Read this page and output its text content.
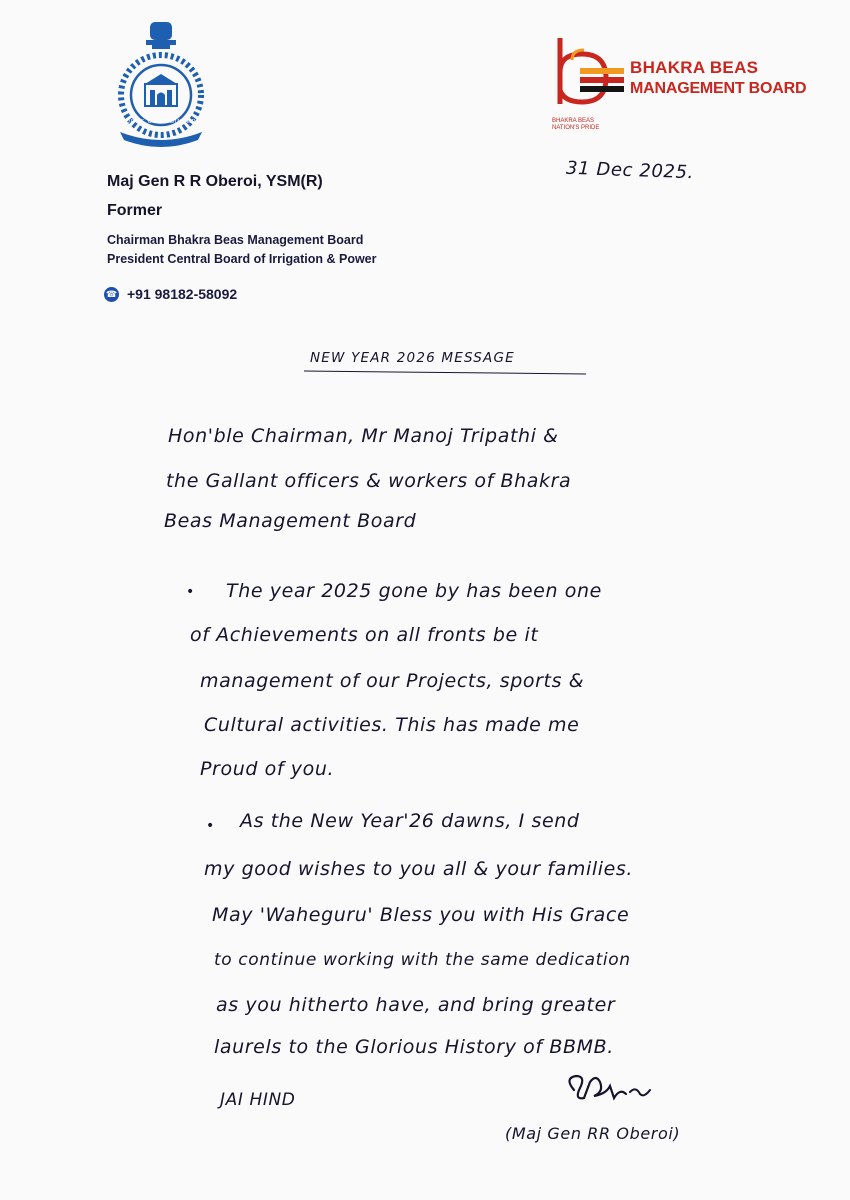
CORPS OF ENGINEERS
BHAKRA BEAS
MANAGEMENT BOARD
BHAKRA BEAS
NATION'S PRIDE
Maj Gen R R Oberoi, YSM(R)
Former
Chairman Bhakra Beas Management Board
President Central Board of Irrigation & Power
☎ +91 98182-58092
31 Dec 2025.
NEW YEAR 2026 MESSAGE
Hon'ble Chairman, Mr Manoj Tripathi &
the Gallant officers & workers of Bhakra
Beas Management Board
• The year 2025 gone by has been one
of Achievements on all fronts be it
management of our Projects, sports &
Cultural activities. This has made me
Proud of you.
• As the New Year'26 dawns, I send
my good wishes to you all & your families.
May 'Waheguru' Bless you with His Grace
to continue working with the same dedication
as you hitherto have, and bring greater
laurels to the Glorious History of BBMB.
JAI HIND
(Maj Gen RR Oberoi)
